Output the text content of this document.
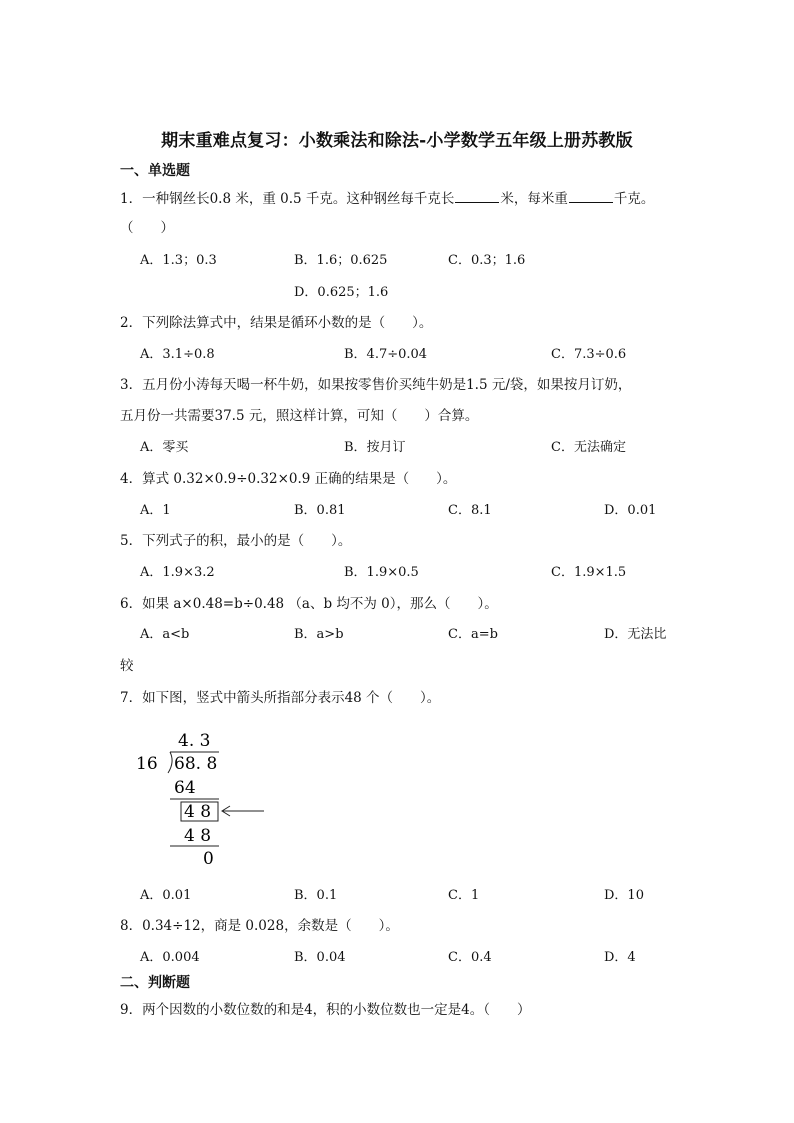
期末重难点复习：小数乘法和除法-小学数学五年级上册苏教版
一、单选题
1．一种钢丝长0.8 米，重 0.5 千克。这种钢丝每千克长	米，每米重	千克。
（　　）
A．1.3；0.3	B．1.6；0.625	C．0.3；1.6
D．0.625；1.6
2．下列除法算式中，结果是循环小数的是（　　）。
A．3.1÷0.8	B．4.7÷0.04	C．7.3÷0.6
3．五月份小涛每天喝一杯牛奶，如果按零售价买纯牛奶是1.5 元/袋，如果按月订奶，
五月份一共需要37.5 元，照这样计算，可知（　　）合算。
A．零买	B．按月订	C．无法确定
4．算式 0.32×0.9÷0.32×0.9 正确的结果是（　　）。
A．1	B．0.81	C．8.1	D．0.01
5．下列式子的积，最小的是（　　）。
A．1.9×3.2	B．1.9×0.5	C．1.9×1.5
6．如果 a×0.48=b÷0.48 （a、b 均不为 0），那么（　　）。
A．a<b	B．a>b	C．a=b	D．无法比
较
7．如下图，竖式中箭头所指部分表示48 个（　　）。
4. 3
16 68. 8
64
4 8
4 8
0
A．0.01	B．0.1	C．1	D．10
8．0.34÷12，商是 0.028，余数是（　　）。
A．0.004	B．0.04	C．0.4	D．4
二、判断题
9．两个因数的小数位数的和是4，积的小数位数也一定是4。（　　）
